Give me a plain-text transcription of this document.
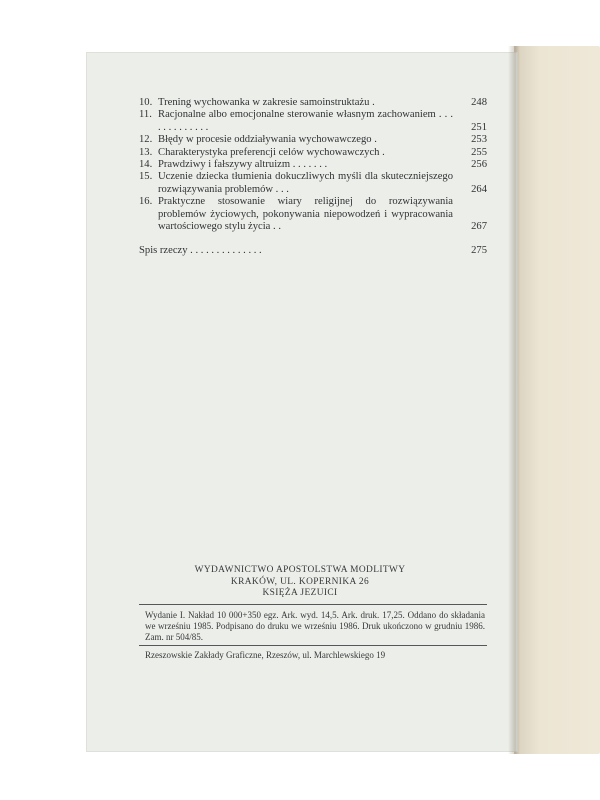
10. Trening wychowanka w zakresie samoinstruktażu .	248
11. Racjonalne albo emocjonalne sterowanie własnym zachowaniem . . . . . . . . . . . . .	251
12. Błędy w procesie oddziaływania wychowawczego .	253
13. Charakterystyka preferencji celów wychowawczych .	255
14. Prawdziwy i fałszywy altruizm . . . . . . .	256
15. Uczenie dziecka tłumienia dokuczliwych myśli dla skuteczniejszego rozwiązywania problemów . . .	264
16. Praktyczne stosowanie wiary religijnej do rozwiązywania problemów życiowych, pokonywania niepowodzeń i wypracowania wartościowego stylu życia . .	267
Spis rzeczy . . . . . . . . . . . . . .	275
WYDAWNICTWO APOSTOLSTWA MODLITWY
KRAKÓW, UL. KOPERNIKA 26
KSIĘŻA JEZUICI
Wydanie I. Nakład 10 000+350 egz. Ark. wyd. 14,5. Ark. druk. 17,25. Oddano do składania we wrześniu 1985. Podpisano do druku we wrześniu 1986. Druk ukończono w grudniu 1986. Zam. nr 504/85.
Rzeszowskie Zakłady Graficzne, Rzeszów, ul. Marchlewskiego 19
